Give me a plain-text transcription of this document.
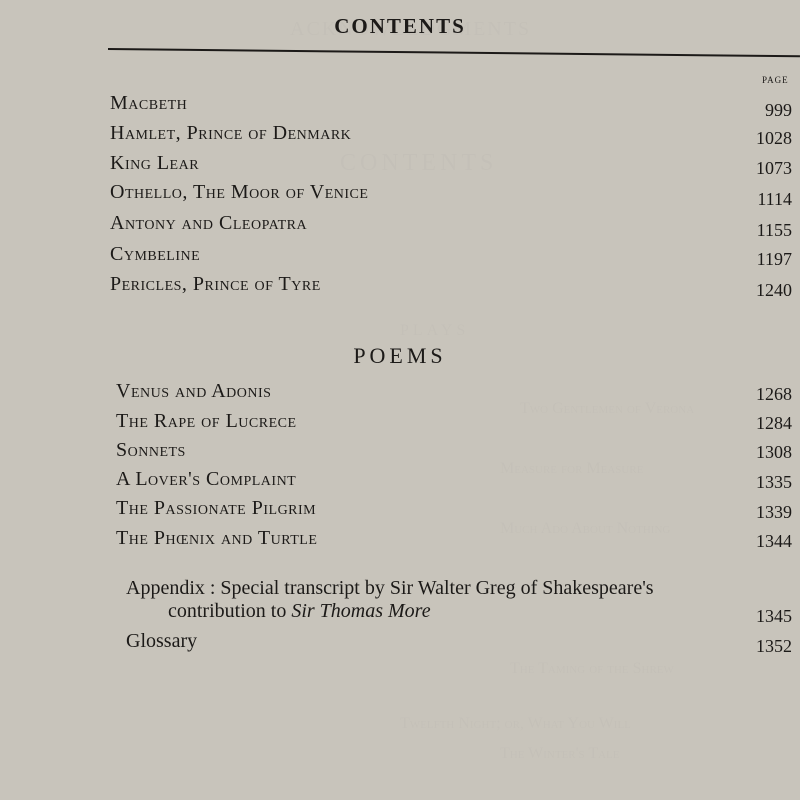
CONTENTS
PAGE
Macbeth	999
Hamlet, Prince of Denmark	1028
King Lear	1073
Othello, The Moor of Venice	1114
Antony and Cleopatra	1155
Cymbeline	1197
Pericles, Prince of Tyre	1240
POEMS
Venus and Adonis	1268
The Rape of Lucrece	1284
Sonnets	1308
A Lover's Complaint	1335
The Passionate Pilgrim	1339
The Phœnix and Turtle	1344
Appendix : Special transcript by Sir Walter Greg of Shakespeare's
contribution to Sir Thomas More	1345
Glossary	1352
